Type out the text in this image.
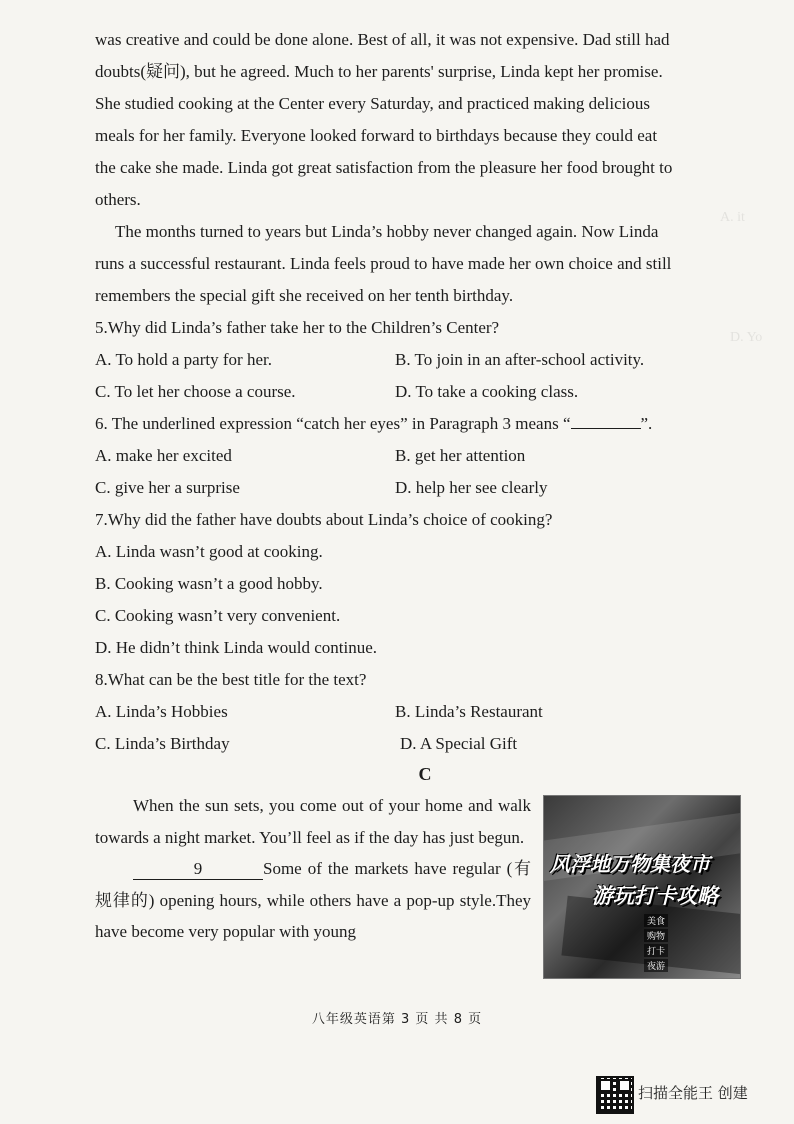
A. it
D. Yo
was creative and could be done alone. Best of all, it was not expensive. Dad still had
doubts(疑问), but he agreed. Much to her parents' surprise, Linda kept her promise.
She studied cooking at the Center every Saturday, and practiced making delicious
meals for her family. Everyone looked forward to birthdays because they could eat
the cake she made. Linda got great satisfaction from the pleasure her food brought to
others.
The months turned to years but Linda’s hobby never changed again. Now Linda
runs a successful restaurant. Linda feels proud to have made her own choice and still
remembers the special gift she received on her tenth birthday.

5.Why did Linda’s father take her to the Children’s Center?

A. To hold a party for her.	B. To join in an after-school activity.
C. To let her choose a course.	D. To take a cooking class.

6. The underlined expression “catch her eyes” in Paragraph 3 means “	”.

A. make her excited	B. get her attention
C. give her a surprise	D. help her see clearly

7.Why did the father have doubts about Linda’s choice of cooking?

A. Linda wasn’t good at cooking.

B. Cooking wasn’t a good hobby.

C. Cooking wasn’t very convenient.

D. He didn’t think Linda would continue.

8.What can be the best title for the text?

A. Linda’s Hobbies	B. Linda’s Restaurant
C. Linda’s Birthday	D. A Special Gift
C

When the sun sets, you come out of your home and walk towards a night market. You’ll feel as if the day has just begun.

9	Some of the markets have regular (有规律的) opening hours, while others have a pop-up style.They have become very popular with young

风浮地万物集夜市
游玩打卡攻略
美食
购物
打卡
夜游
八年级英语第 3 页 共 8 页
扫描全能王 创建
